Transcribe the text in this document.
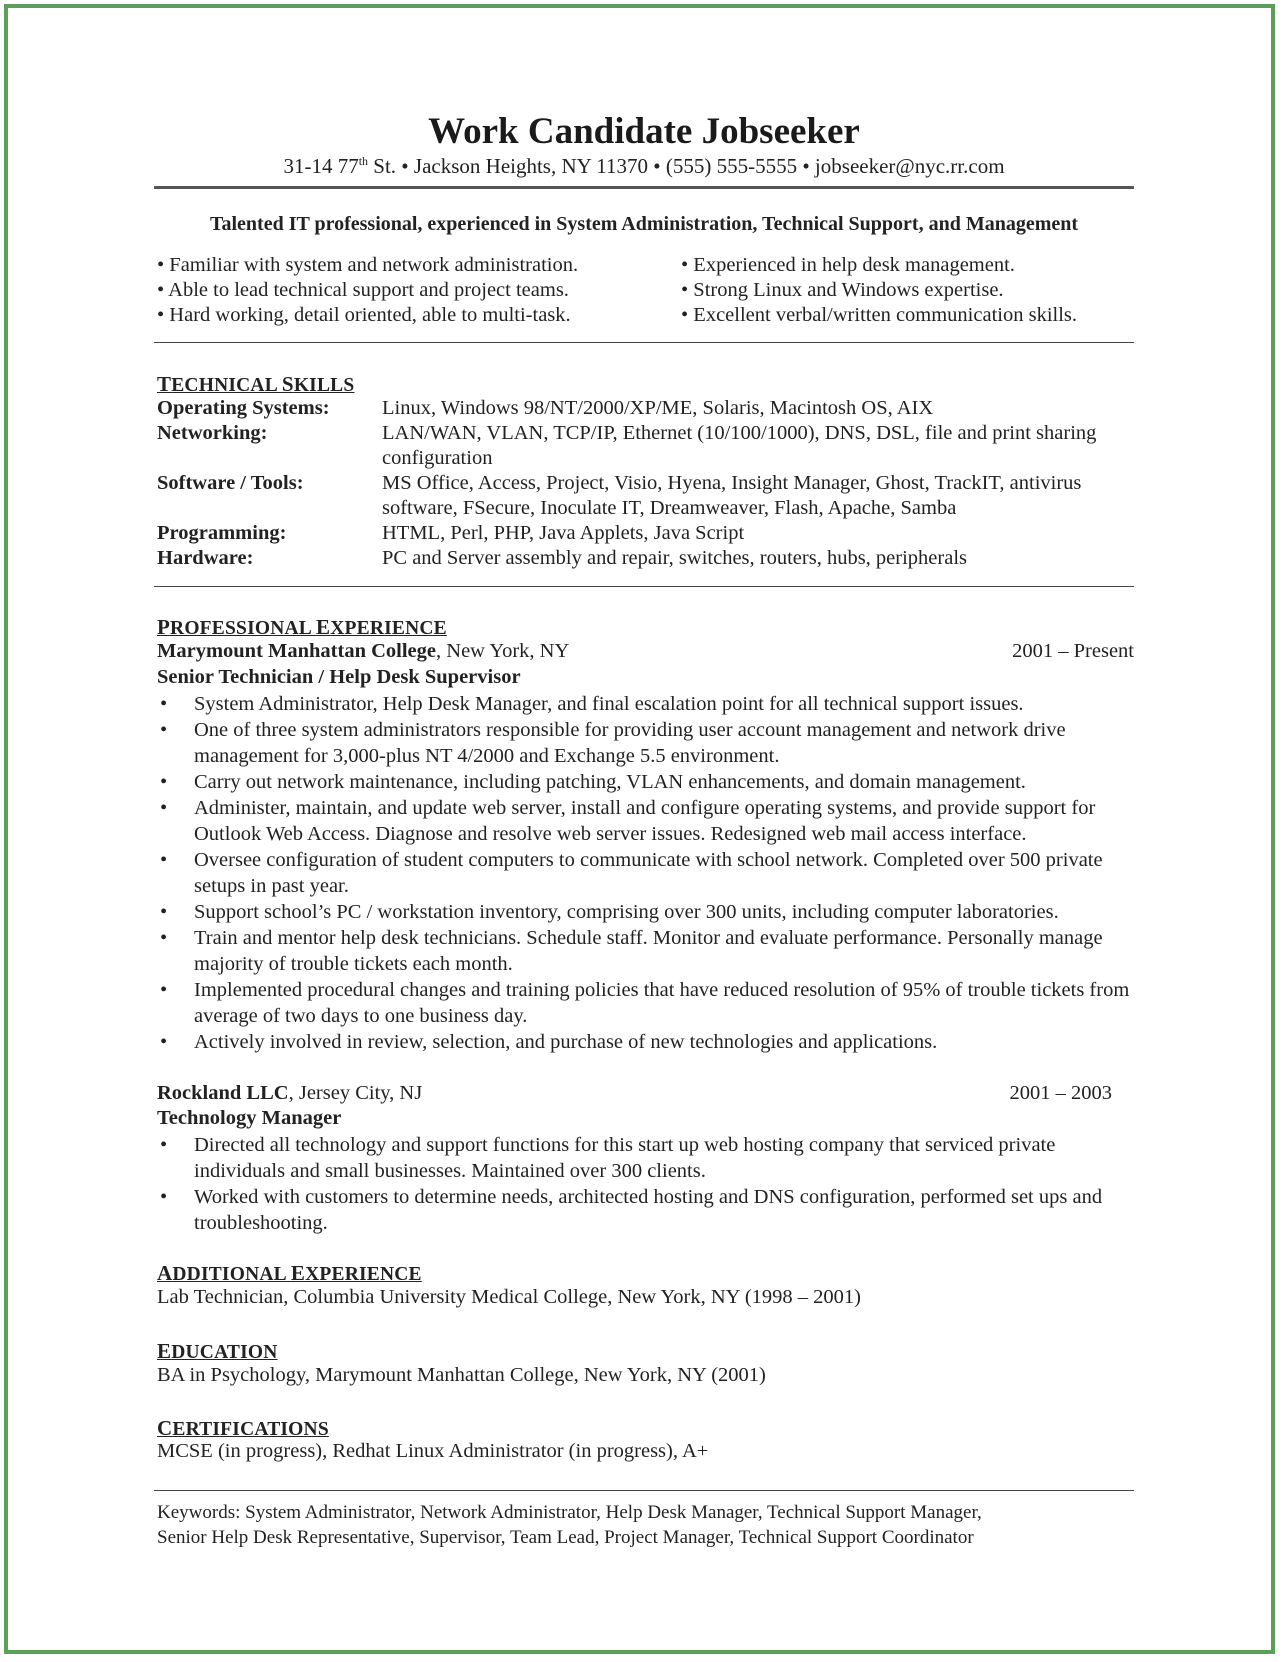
Work Candidate Jobseeker
31-14 77th St. • Jackson Heights, NY 11370 • (555) 555-5555 • jobseeker@nyc.rr.com
Talented IT professional, experienced in System Administration, Technical Support, and Management
• Familiar with system and network administration.
• Able to lead technical support and project teams.
• Hard working, detail oriented, able to multi-task.
• Experienced in help desk management.
• Strong Linux and Windows expertise.
• Excellent verbal/written communication skills.
TECHNICAL SKILLS
Operating Systems:	Linux, Windows 98/NT/2000/XP/ME, Solaris, Macintosh OS, AIX
Networking:	LAN/WAN, VLAN, TCP/IP, Ethernet (10/100/1000), DNS, DSL, file and print sharing configuration
Software / Tools:	MS Office, Access, Project, Visio, Hyena, Insight Manager, Ghost, TrackIT, antivirus software, FSecure, Inoculate IT, Dreamweaver, Flash, Apache, Samba
Programming:	HTML, Perl, PHP, Java Applets, Java Script
Hardware:	PC and Server assembly and repair, switches, routers, hubs, peripherals
PROFESSIONAL EXPERIENCE
Marymount Manhattan College, New York, NY	2001 – Present
Senior Technician / Help Desk Supervisor
• System Administrator, Help Desk Manager, and final escalation point for all technical support issues.
• One of three system administrators responsible for providing user account management and network drive management for 3,000-plus NT 4/2000 and Exchange 5.5 environment.
• Carry out network maintenance, including patching, VLAN enhancements, and domain management.
• Administer, maintain, and update web server, install and configure operating systems, and provide support for Outlook Web Access. Diagnose and resolve web server issues. Redesigned web mail access interface.
• Oversee configuration of student computers to communicate with school network. Completed over 500 private setups in past year.
• Support school’s PC / workstation inventory, comprising over 300 units, including computer laboratories.
• Train and mentor help desk technicians. Schedule staff. Monitor and evaluate performance. Personally manage majority of trouble tickets each month.
• Implemented procedural changes and training policies that have reduced resolution of 95% of trouble tickets from average of two days to one business day.
• Actively involved in review, selection, and purchase of new technologies and applications.
Rockland LLC, Jersey City, NJ	2001 – 2003
Technology Manager
• Directed all technology and support functions for this start up web hosting company that serviced private individuals and small businesses. Maintained over 300 clients.
• Worked with customers to determine needs, architected hosting and DNS configuration, performed set ups and troubleshooting.
ADDITIONAL EXPERIENCE
Lab Technician, Columbia University Medical College, New York, NY (1998 – 2001)
EDUCATION
BA in Psychology, Marymount Manhattan College, New York, NY (2001)
CERTIFICATIONS
MCSE (in progress), Redhat Linux Administrator (in progress), A+
Keywords: System Administrator, Network Administrator, Help Desk Manager, Technical Support Manager,
Senior Help Desk Representative, Supervisor, Team Lead, Project Manager, Technical Support Coordinator
